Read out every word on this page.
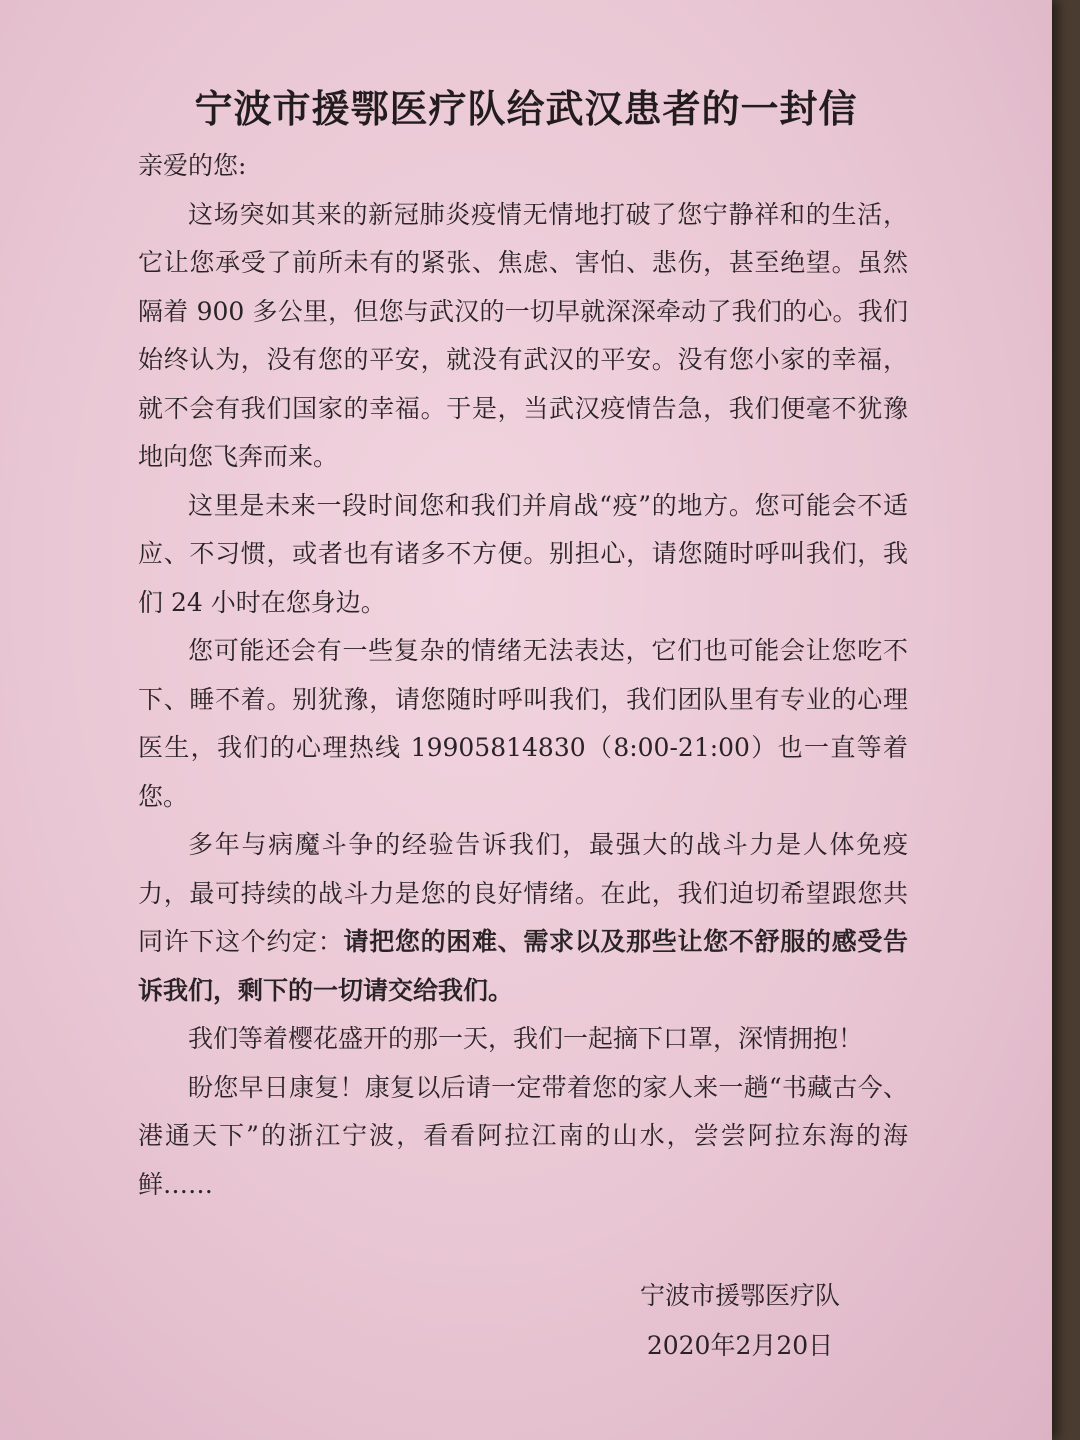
宁波市援鄂医疗队给武汉患者的一封信

亲爱的您:

这场突如其来的新冠肺炎疫情无情地打破了您宁静祥和的生活，它让您承受了前所未有的紧张、焦虑、害怕、悲伤，甚至绝望。虽然隔着 900 多公里，但您与武汉的一切早就深深牵动了我们的心。我们始终认为，没有您的平安，就没有武汉的平安。没有您小家的幸福，就不会有我们国家的幸福。于是，当武汉疫情告急，我们便毫不犹豫地向您飞奔而来。

这里是未来一段时间您和我们并肩战“疫”的地方。您可能会不适应、不习惯，或者也有诸多不方便。别担心，请您随时呼叫我们，我们 24 小时在您身边。

您可能还会有一些复杂的情绪无法表达，它们也可能会让您吃不下、睡不着。别犹豫，请您随时呼叫我们，我们团队里有专业的心理医生，我们的心理热线 19905814830（8:00-21:00）也一直等着您。

多年与病魔斗争的经验告诉我们，最强大的战斗力是人体免疫力，最可持续的战斗力是您的良好情绪。在此，我们迫切希望跟您共同许下这个约定：请把您的困难、需求以及那些让您不舒服的感受告诉我们，剩下的一切请交给我们。

我们等着樱花盛开的那一天，我们一起摘下口罩，深情拥抱！

盼您早日康复！康复以后请一定带着您的家人来一趟“书藏古今、港通天下”的浙江宁波，看看阿拉江南的山水，尝尝阿拉东海的海鲜……

宁波市援鄂医疗队

2020年2月20日
